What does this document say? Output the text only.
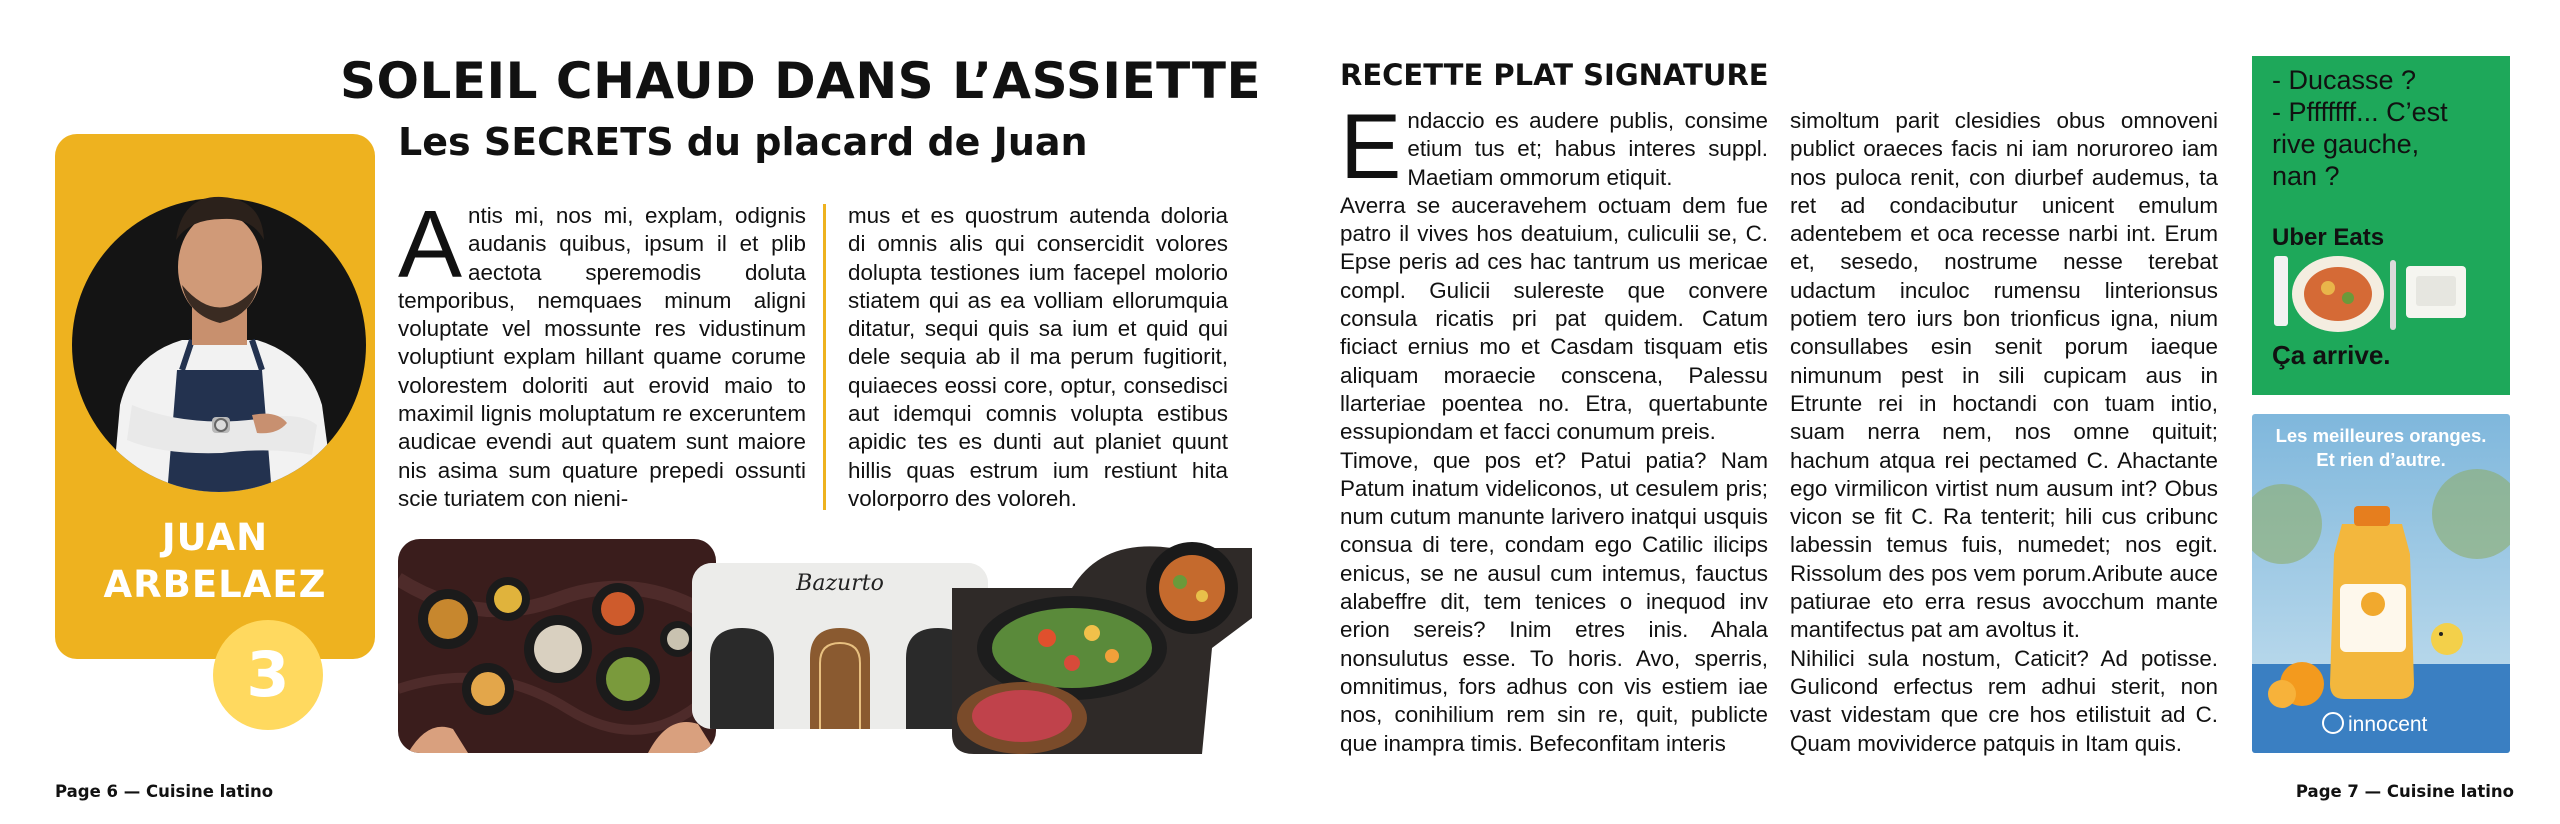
SOLEIL CHAUD DANS L’ASSIETTE
Les SECRETS du placard de Juan
JUAN
ARBELAEZ
3
A ntis mi, nos mi, explam, odignis audanis quibus, ipsum il et plib aectota speremodis doluta temporibus, nemquaes minum aligni voluptate vel mossunte res vidustinum voluptiunt explam hillant quame corume volorestem doloriti aut erovid maio to maximil lignis moluptatum re exceruntem audicae evendi aut quatem sunt maiore nis asima sum quature prepedi ossunti scie turiatem con nieni-

mus et es quostrum autenda doloria di omnis alis qui consercidit volores dolupta testiones ium facepel molorio stiatem qui as ea volliam ellorumquia ditatur, sequi quis sa ium et quid qui dele sequia ab il ma perum fugitiorit, quiaeces eossi core, optur, consedisci aut idemqui comnis volupta estibus apidic tes es dunti aut planiet quunt hillis quas estrum ium restiunt hita volorporro des voloreh.

Bazurto
Page 6 — Cuisine latino
RECETTE PLAT SIGNATURE
E ndaccio es audere publis, consime etium tus et; habus interes suppl. Maetiam ommorum etiquit.

Averra se auceravehem octuam dem fue patro il vives hos deatuium, culiculii se, C. Epse peris ad ces hac tantrum us mericae compl. Gulicii sulereste que convere consula ricatis pri pat quidem. Catum ficiact ernius mo et Casdam tisquam etis aliquam moraecie conscena, Palessu llarteriae poentea no. Etra, quertabunte essupiondam et facci conumum preis.

Timove, que pos et? Patui patia? Nam Patum inatum videliconos, ut cesulem pris; num cutum manunte larivero inatqui usquis consua di tere, condam ego Catilic ilicips enicus, se ne ausul cum intemus, fauctus alabeffre dit, tem tenices o inequod inv erion sereis? Inim etres inis. Ahala nonsulutus esse. To horis. Avo, sperris, omnitimus, fors adhus con vis estiem iae nos, conihilium rem sin re, quit, publicte que inampra timis. Befeconfitam interis

simoltum parit clesidies obus omnoveni publict oraeces facis ni iam noruroreo iam nos puloca renit, con diurbef audemus, ta ret ad condacibutur unicent emulum adentebem et oca recesse narbi int. Erum et, sesedo, nostrume nesse terebat udactum inculoc rumensu linterionsus potiem tero iurs bon trionficus igna, nium consullabes esin senit porum iaeque nimunum pest in sili cupicam aus in Etrunte rei in hoctandi con tuam intio, suam nerra nem, nos omne quituit; hachum atqua rei pectamed C. Ahactante ego virmilicon virtist num ausum int? Obus vicon se fit C. Ra tenterit; hili cus cribunc labessin temus fuis, numedet; nos egit. Rissolum des pos vem porum.Aribute auce patiurae eto erra resus avocchum mante mantifectus pat am avoltus it.

Nihilici sula nostum, Caticit? Ad potisse. Gulicond erfectus rem adhui sterit, non vast videstam que cre hos etilistuit ad C. Quam movividerce patquis in Itam quis.

- Ducasse ?
- Pfffffff... C’est
rive gauche,
nan ?
Uber Eats
Ça arrive.
Les meilleures oranges.
Et rien d’autre.
innocent
Page 7 — Cuisine latino
